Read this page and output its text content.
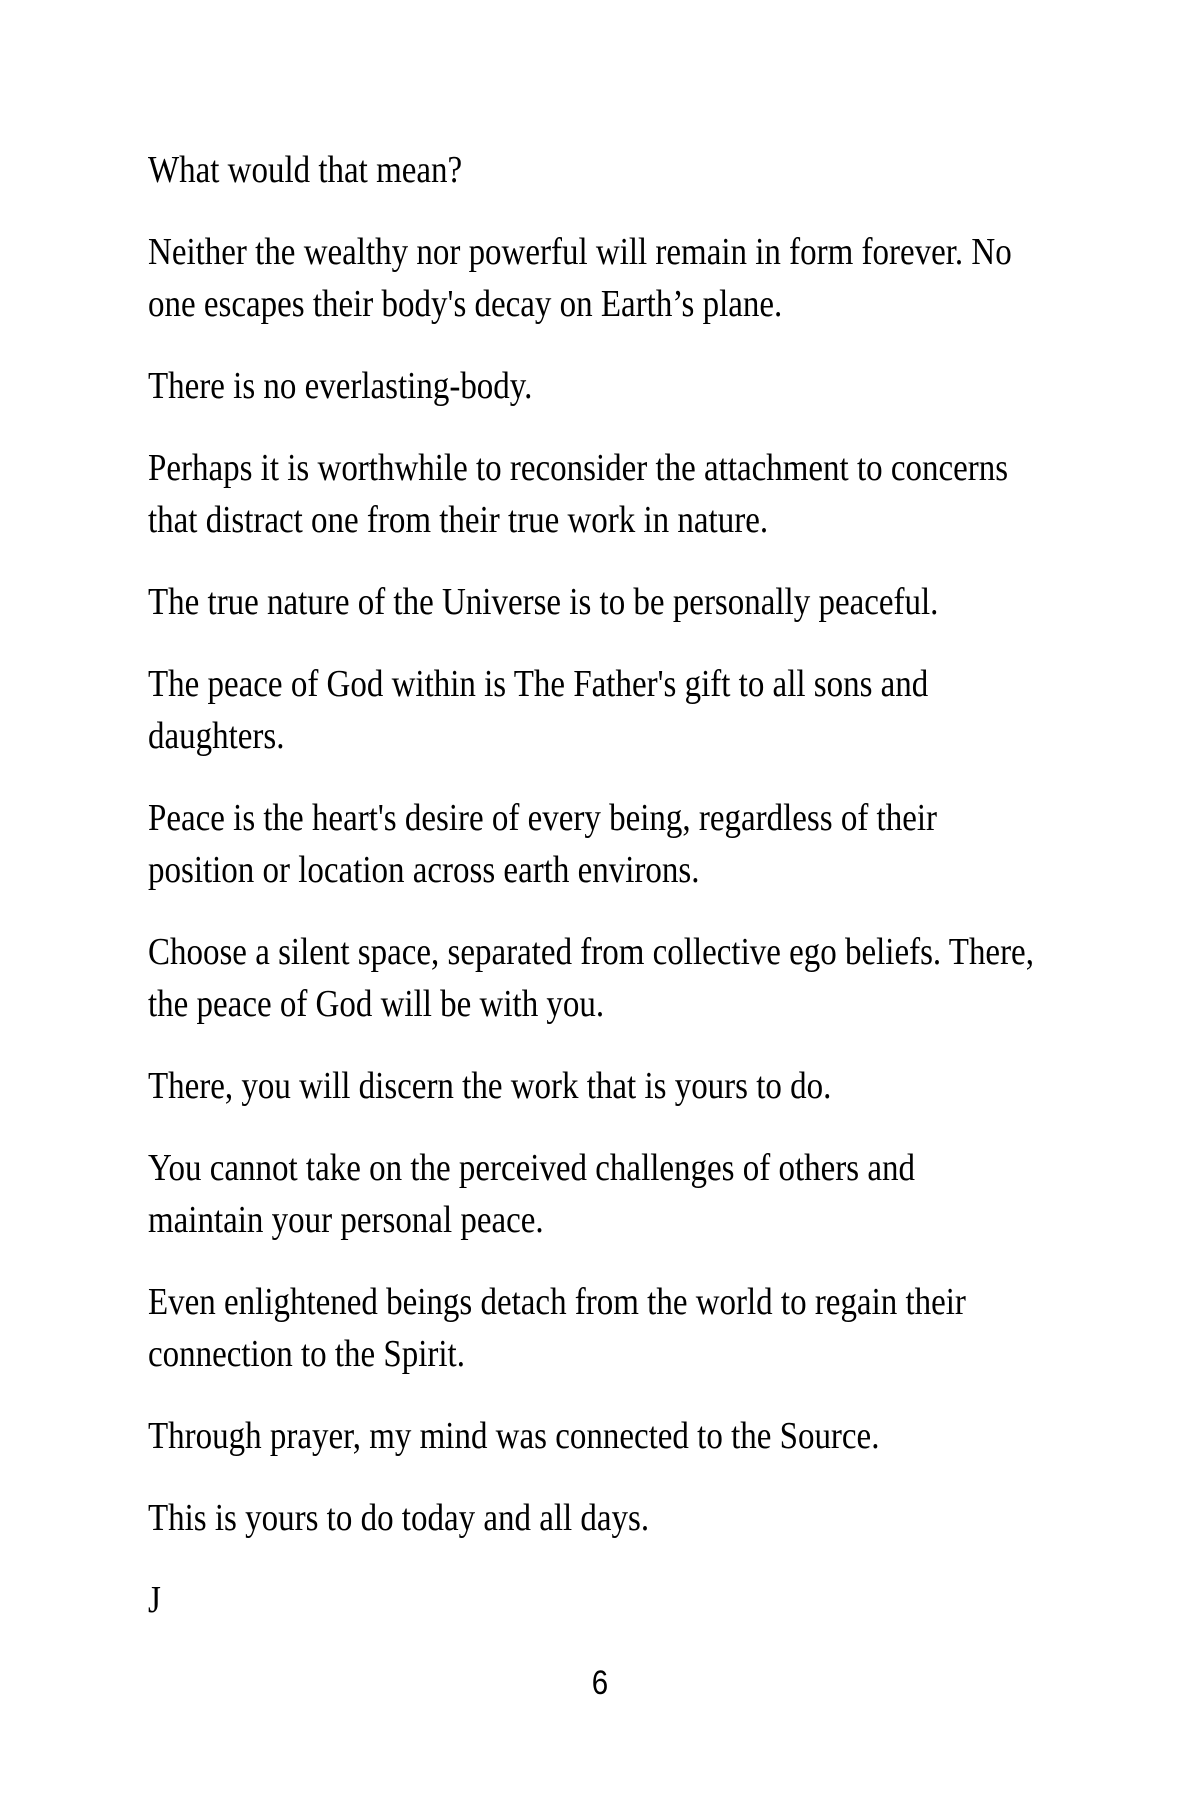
What would that mean?

Neither the wealthy nor powerful will remain in form forever. No
one escapes their body's decay on Earth’s plane.

There is no everlasting-body.

Perhaps it is worthwhile to reconsider the attachment to concerns
that distract one from their true work in nature.

The true nature of the Universe is to be personally peaceful.

The peace of God within is The Father's gift to all sons and
daughters.

Peace is the heart's desire of every being, regardless of their
position or location across earth environs.

Choose a silent space, separated from collective ego beliefs. There,
the peace of God will be with you.

There, you will discern the work that is yours to do.

You cannot take on the perceived challenges of others and
maintain your personal peace.

Even enlightened beings detach from the world to regain their
connection to the Spirit.

Through prayer, my mind was connected to the Source.

This is yours to do today and all days.

J

6
